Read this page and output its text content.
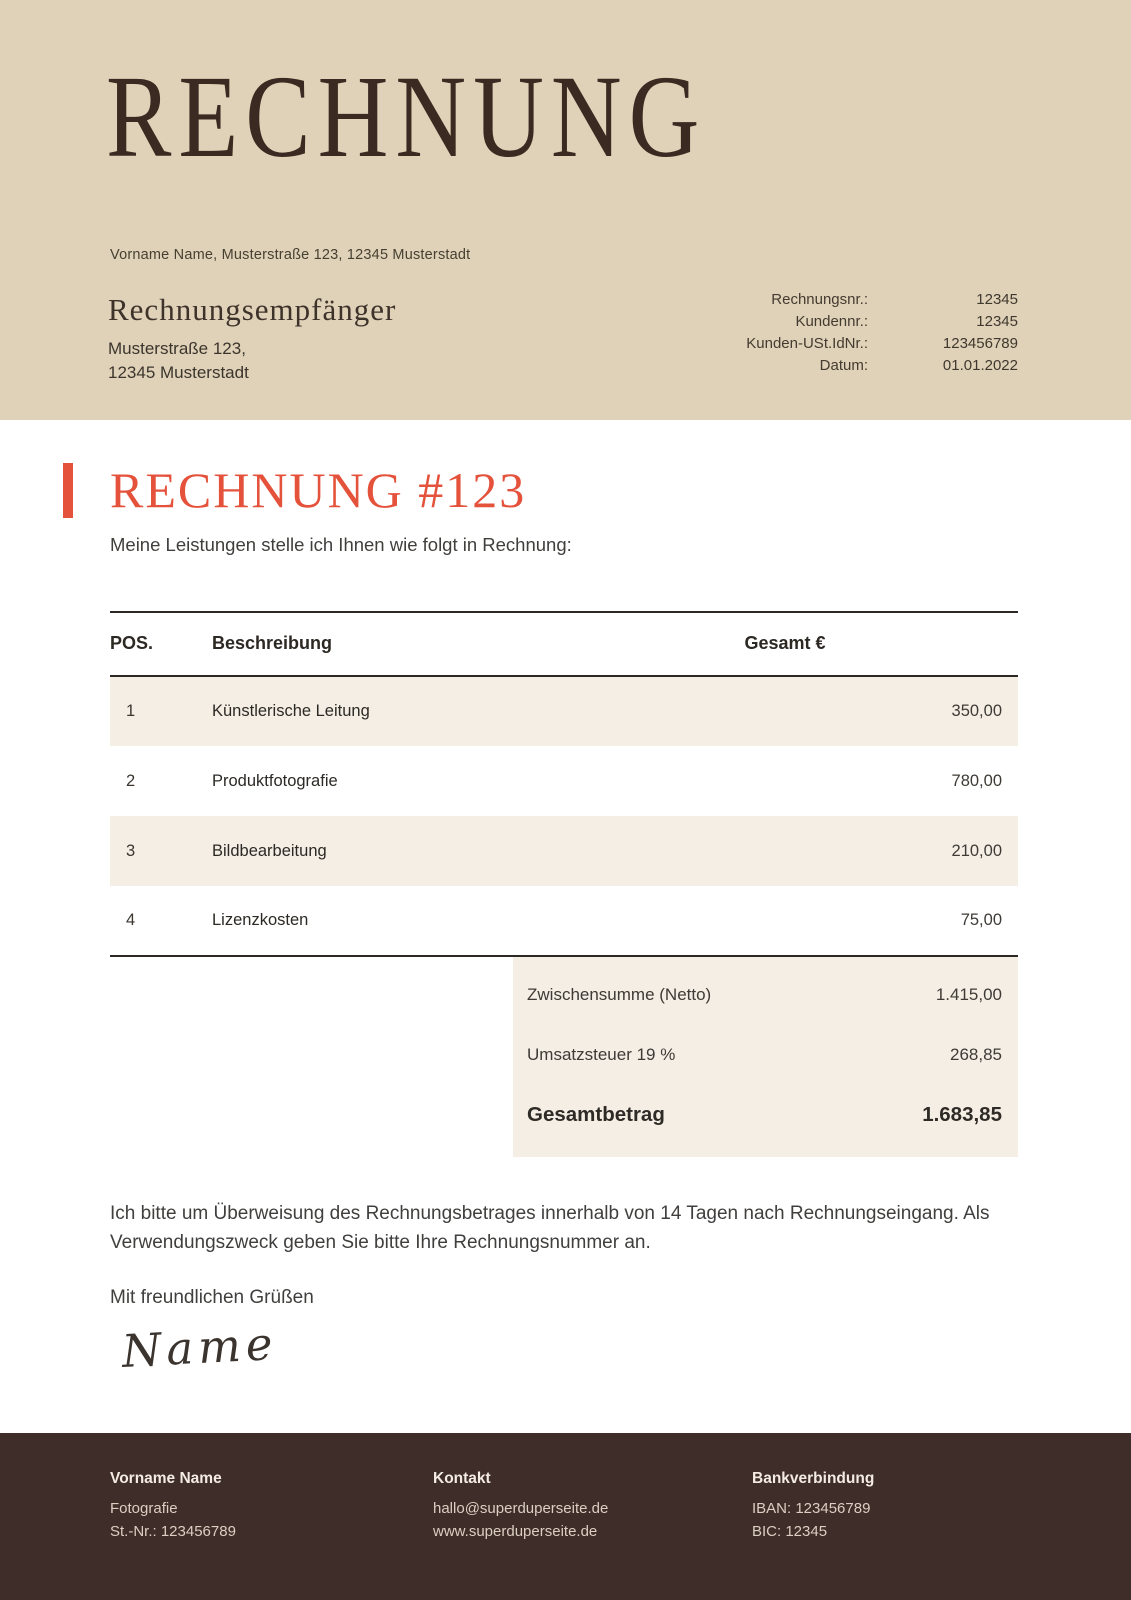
RECHNUNG
Vorname Name, Musterstraße 123, 12345 Musterstadt
Rechnungsempfänger
Musterstraße 123,
12345 Musterstadt
Rechnungsnr.:	12345
Kundennr.:	12345
Kunden-USt.IdNr.:	123456789
Datum:	01.01.2022
RECHNUNG #123

Meine Leistungen stelle ich Ihnen wie folgt in Rechnung:

POS.	Beschreibung	Gesamt €
1	Künstlerische Leitung	350,00
2	Produktfotografie	780,00
3	Bildbearbeitung	210,00
4	Lizenzkosten	75,00
Zwischensumme (Netto)	1.415,00
Umsatzsteuer 19 %	268,85
Gesamtbetrag	1.683,85

Ich bitte um Überweisung des Rechnungsbetrages innerhalb von 14 Tagen nach Rechnungseingang. Als Verwendungszweck geben Sie bitte Ihre Rechnungsnummer an.

Mit freundlichen Grüßen

Name
Vorname Name
Fotografie
St.-Nr.: 123456789
Kontakt
hallo@superduperseite.de
www.superduperseite.de
Bankverbindung
IBAN: 123456789
BIC: 12345
